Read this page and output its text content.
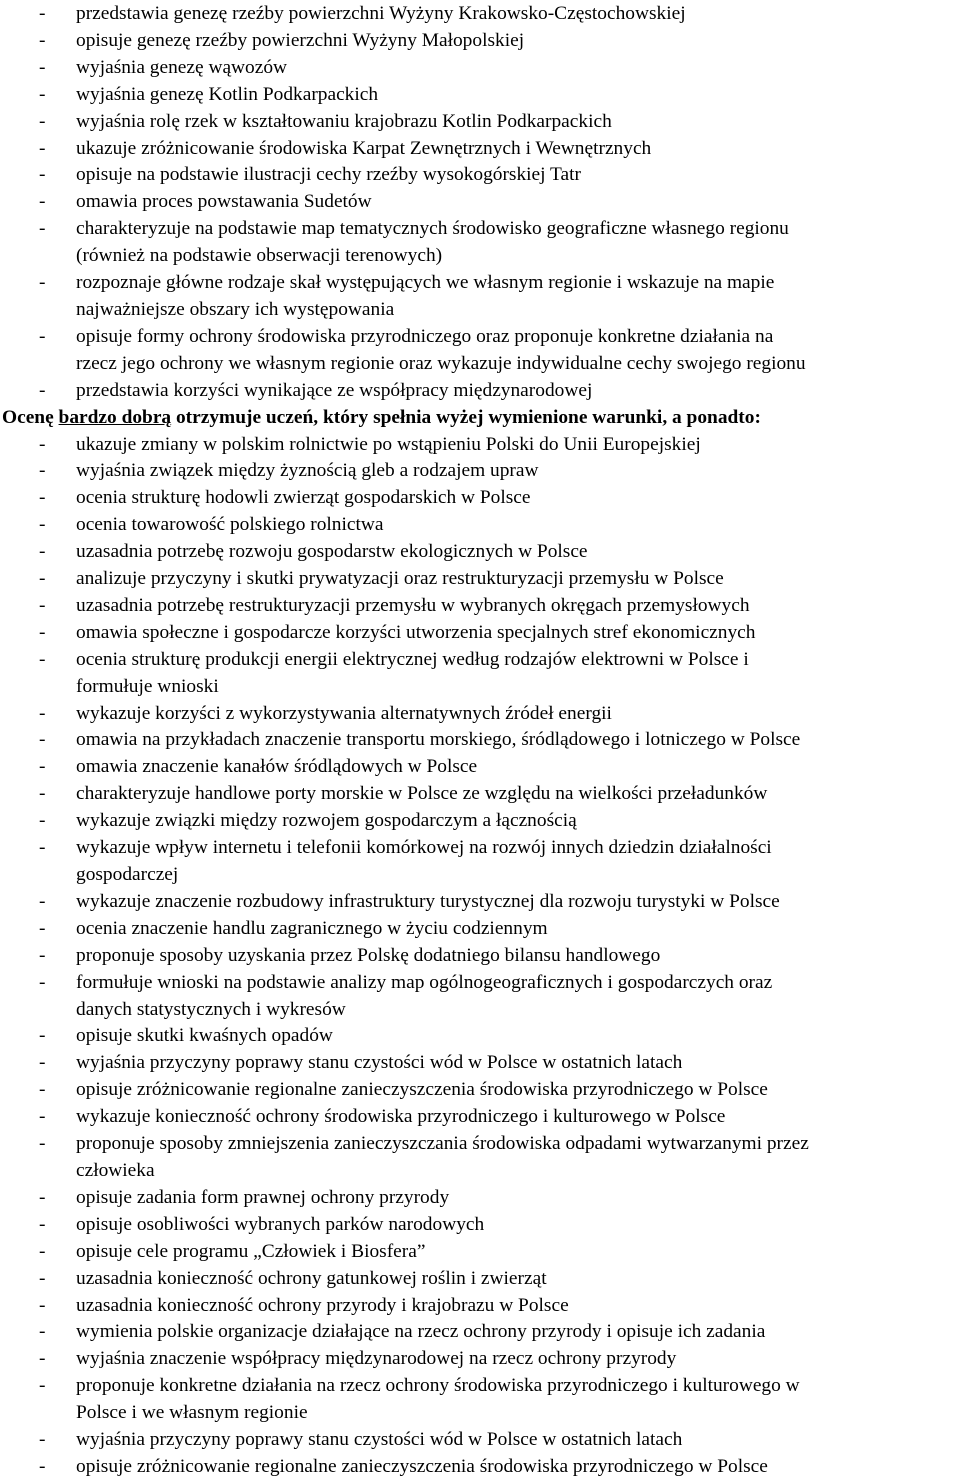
- przedstawia genezę rzeźby powierzchni Wyżyny Krakowsko-Częstochowskiej
- opisuje genezę rzeźby powierzchni Wyżyny Małopolskiej
- wyjaśnia genezę wąwozów
- wyjaśnia genezę Kotlin Podkarpackich
- wyjaśnia rolę rzek w kształtowaniu krajobrazu Kotlin Podkarpackich
- ukazuje zróżnicowanie środowiska Karpat Zewnętrznych i Wewnętrznych
- opisuje na podstawie ilustracji cechy rzeźby wysokogórskiej Tatr
- omawia proces powstawania Sudetów
- charakteryzuje na podstawie map tematycznych środowisko geograficzne własnego regionu
(również na podstawie obserwacji terenowych)
- rozpoznaje główne rodzaje skał występujących we własnym regionie i wskazuje na mapie
najważniejsze obszary ich występowania
- opisuje formy ochrony środowiska przyrodniczego oraz proponuje konkretne działania na
rzecz jego ochrony we własnym regionie oraz wykazuje indywidualne cechy swojego regionu
- przedstawia korzyści wynikające ze współpracy międzynarodowej
Ocenę bardzo dobrą otrzymuje uczeń, który spełnia wyżej wymienione warunki, a ponadto:
- ukazuje zmiany w polskim rolnictwie po wstąpieniu Polski do Unii Europejskiej
- wyjaśnia związek między żyznością gleb a rodzajem upraw
- ocenia strukturę hodowli zwierząt gospodarskich w Polsce
- ocenia towarowość polskiego rolnictwa
- uzasadnia potrzebę rozwoju gospodarstw ekologicznych w Polsce
- analizuje przyczyny i skutki prywatyzacji oraz restrukturyzacji przemysłu w Polsce
- uzasadnia potrzebę restrukturyzacji przemysłu w wybranych okręgach przemysłowych
- omawia społeczne i gospodarcze korzyści utworzenia specjalnych stref ekonomicznych
- ocenia strukturę produkcji energii elektrycznej według rodzajów elektrowni w Polsce i
formułuje wnioski
- wykazuje korzyści z wykorzystywania alternatywnych źródeł energii
- omawia na przykładach znaczenie transportu morskiego, śródlądowego i lotniczego w Polsce
- omawia znaczenie kanałów śródlądowych w Polsce
- charakteryzuje handlowe porty morskie w Polsce ze względu na wielkości przeładunków
- wykazuje związki między rozwojem gospodarczym a łącznością
- wykazuje wpływ internetu i telefonii komórkowej na rozwój innych dziedzin działalności
gospodarczej
- wykazuje znaczenie rozbudowy infrastruktury turystycznej dla rozwoju turystyki w Polsce
- ocenia znaczenie handlu zagranicznego w życiu codziennym
- proponuje sposoby uzyskania przez Polskę dodatniego bilansu handlowego
- formułuje wnioski na podstawie analizy map ogólnogeograficznych i gospodarczych oraz
danych statystycznych i wykresów
- opisuje skutki kwaśnych opadów
- wyjaśnia przyczyny poprawy stanu czystości wód w Polsce w ostatnich latach
- opisuje zróżnicowanie regionalne zanieczyszczenia środowiska przyrodniczego w Polsce
- wykazuje konieczność ochrony środowiska przyrodniczego i kulturowego w Polsce
- proponuje sposoby zmniejszenia zanieczyszczania środowiska odpadami wytwarzanymi przez
człowieka
- opisuje zadania form prawnej ochrony przyrody
- opisuje osobliwości wybranych parków narodowych
- opisuje cele programu „Człowiek i Biosfera”
- uzasadnia konieczność ochrony gatunkowej roślin i zwierząt
- uzasadnia konieczność ochrony przyrody i krajobrazu w Polsce
- wymienia polskie organizacje działające na rzecz ochrony przyrody i opisuje ich zadania
- wyjaśnia znaczenie współpracy międzynarodowej na rzecz ochrony przyrody
- proponuje konkretne działania na rzecz ochrony środowiska przyrodniczego i kulturowego w
Polsce i we własnym regionie
- wyjaśnia przyczyny poprawy stanu czystości wód w Polsce w ostatnich latach
- opisuje zróżnicowanie regionalne zanieczyszczenia środowiska przyrodniczego w Polsce
